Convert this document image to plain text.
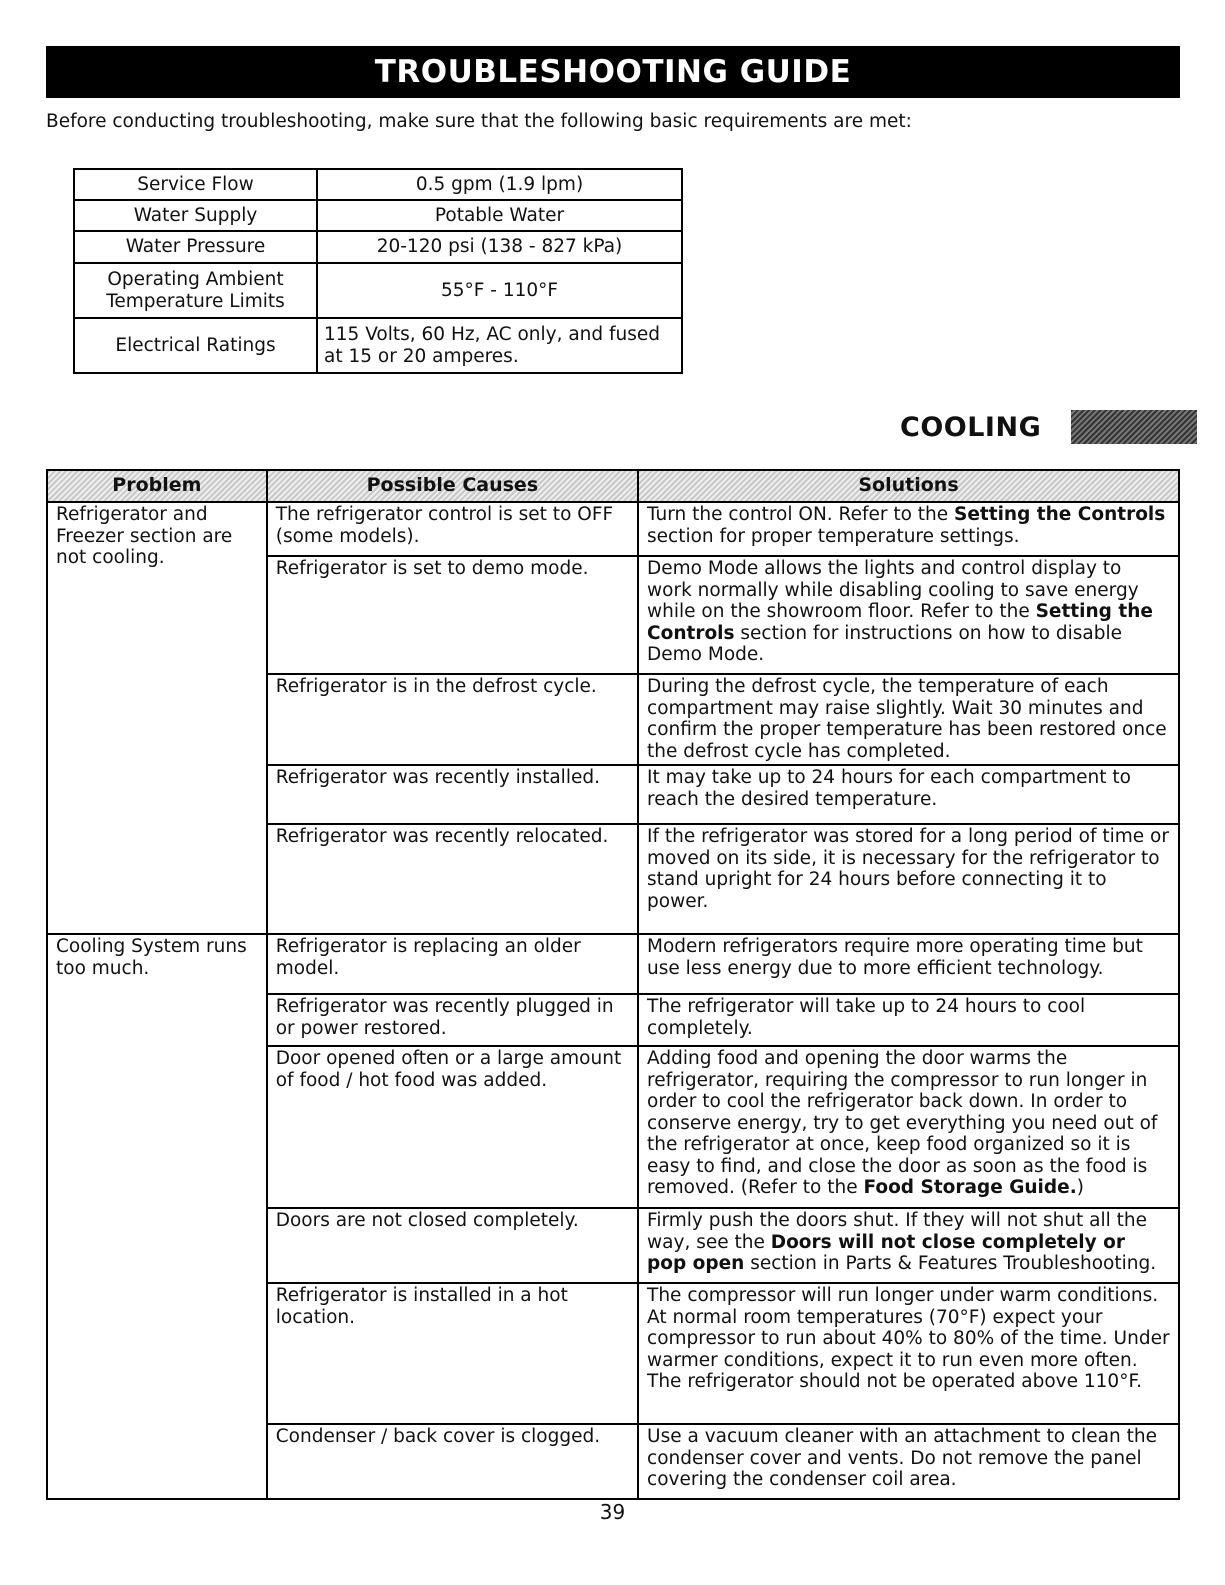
TROUBLESHOOTING GUIDE
Before conducting troubleshooting, make sure that the following basic requirements are met:
Service Flow	0.5 gpm (1.9 lpm)
Water Supply	Potable Water
Water Pressure	20-120 psi (138 - 827 kPa)
Operating Ambient Temperature Limits	55°F - 110°F
Electrical Ratings	115 Volts, 60 Hz, AC only, and fused at 15 or 20 amperes.
COOLING
Problem	Possible Causes	Solutions
Refrigerator and Freezer section are not cooling.	The refrigerator control is set to OFF (some models).	Turn the control ON. Refer to the Setting the Controls section for proper temperature settings.
	Refrigerator is set to demo mode.	Demo Mode allows the lights and control display to work normally while disabling cooling to save energy while on the showroom floor. Refer to the Setting the Controls section for instructions on how to disable Demo Mode.
	Refrigerator is in the defrost cycle.	During the defrost cycle, the temperature of each compartment may raise slightly. Wait 30 minutes and confirm the proper temperature has been restored once the defrost cycle has completed.
	Refrigerator was recently installed.	It may take up to 24 hours for each compartment to reach the desired temperature.
	Refrigerator was recently relocated.	If the refrigerator was stored for a long period of time or moved on its side, it is necessary for the refrigerator to stand upright for 24 hours before connecting it to power.
Cooling System runs too much.	Refrigerator is replacing an older model.	Modern refrigerators require more operating time but use less energy due to more efficient technology.
	Refrigerator was recently plugged in or power restored.	The refrigerator will take up to 24 hours to cool completely.
	Door opened often or a large amount of food / hot food was added.	Adding food and opening the door warms the refrigerator, requiring the compressor to run longer in order to cool the refrigerator back down. In order to conserve energy, try to get everything you need out of the refrigerator at once, keep food organized so it is easy to find, and close the door as soon as the food is removed. (Refer to the Food Storage Guide.)
	Doors are not closed completely.	Firmly push the doors shut. If they will not shut all the way, see the Doors will not close completely or pop open section in Parts & Features Troubleshooting.
	Refrigerator is installed in a hot location.	The compressor will run longer under warm conditions. At normal room temperatures (70°F) expect your compressor to run about 40% to 80% of the time. Under warmer conditions, expect it to run even more often. The refrigerator should not be operated above 110°F.
	Condenser / back cover is clogged.	Use a vacuum cleaner with an attachment to clean the condenser cover and vents. Do not remove the panel covering the condenser coil area.
39
